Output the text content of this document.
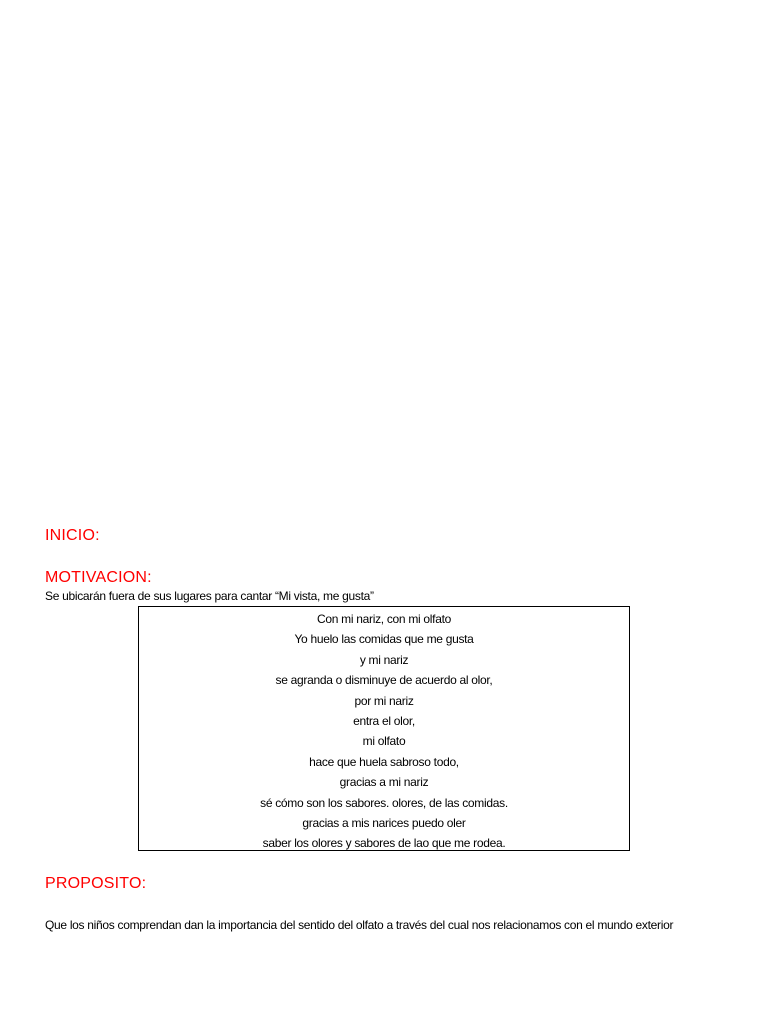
INICIO:
MOTIVACION:
Se ubicarán fuera de sus lugares para cantar “Mi vista, me gusta”
Con mi nariz, con mi olfato
Yo huelo las comidas que me gusta
y mi nariz
se agranda o disminuye de acuerdo al olor,
por mi nariz
entra el olor,
mi olfato
hace que huela sabroso todo,
gracias a mi nariz
sé cómo son los sabores. olores, de las comidas.
gracias a mis narices puedo oler
saber los olores y sabores de lao que me rodea.
PROPOSITO:
Que los niños comprendan dan la importancia del sentido del olfato a través del cual nos relacionamos con el mundo exterior
